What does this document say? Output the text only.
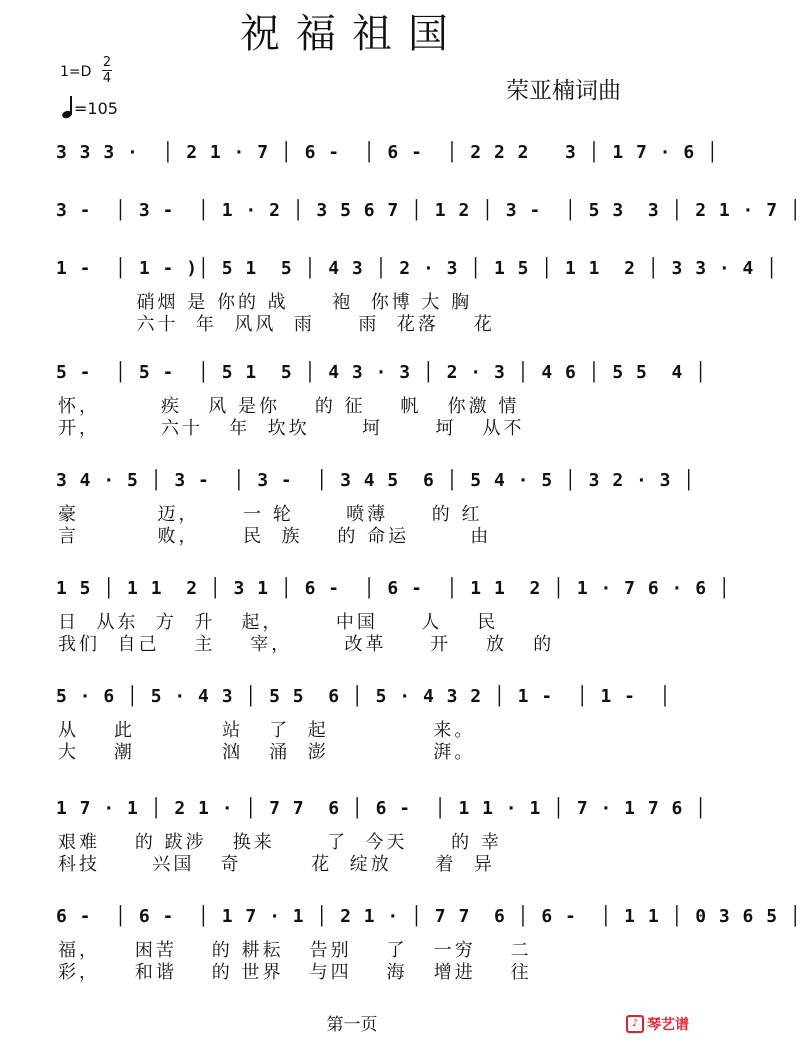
祝福祖国
1=D
2
4
=105
荣亚楠词曲
3 3 3 ·  │ 2 1 · 7 │ 6 -  │ 6 -  │ 2 2 2   3 │ 1 7 · 6 │
3 -  │ 3 -  │ 1 · 2 │ 3 5 6 7 │ 1 2 │ 3 -  │ 5 3  3 │ 2 1 · 7 │
1 -  │ 1 - )│ 5 1  5 │ 4 3 │ 2 · 3 │ 1 5 │ 1 1  2 │ 3 3 · 4 │
硝烟 是 你的 战     袍  你博 大 胸
六十  年  风风  雨     雨  花落    花
5 -  │ 5 -  │ 5 1  5 │ 4 3 · 3 │ 2 · 3 │ 4 6 │ 5 5  4 │
怀，       疾   风 是你    的 征    帆   你激 情
开，       六十   年  坎坎      坷      坷   从不
3 4 · 5 │ 3 -  │ 3 -  │ 3 4 5  6 │ 5 4 · 5 │ 3 2 · 3 │
豪         迈，     一 轮      喷薄     的 红
言         败，     民  族    的 命运       由
1 5 │ 1 1  2 │ 3 1 │ 6 -  │ 6 -  │ 1 1  2 │ 1 · 7 6 · 6 │
日  从东  方  升   起，      中国     人    民
我们  自己    主    宰，      改革     开    放   的
5 · 6 │ 5 · 4 3 │ 5 5  6 │ 5 · 4 3 2 │ 1 -  │ 1 -  │
从    此          站   了  起            来。
大    潮          汹   涌  澎            湃。
1 7 · 1 │ 2 1 · │ 7 7  6 │ 6 -  │ 1 1 · 1 │ 7 · 1 7 6 │
艰难    的 跋涉   换来      了  今天     的 幸
科技      兴国   奇        花  绽放     着  异
6 -  │ 6 -  │ 1 7 · 1 │ 2 1 · │ 7 7  6 │ 6 -  │ 1 1 │ 0 3 6 5 │
福，    困苦    的 耕耘   告别    了   一穷    二
彩，    和谐    的 世界   与四    海   增进    往
第一页	♪ 琴艺谱
